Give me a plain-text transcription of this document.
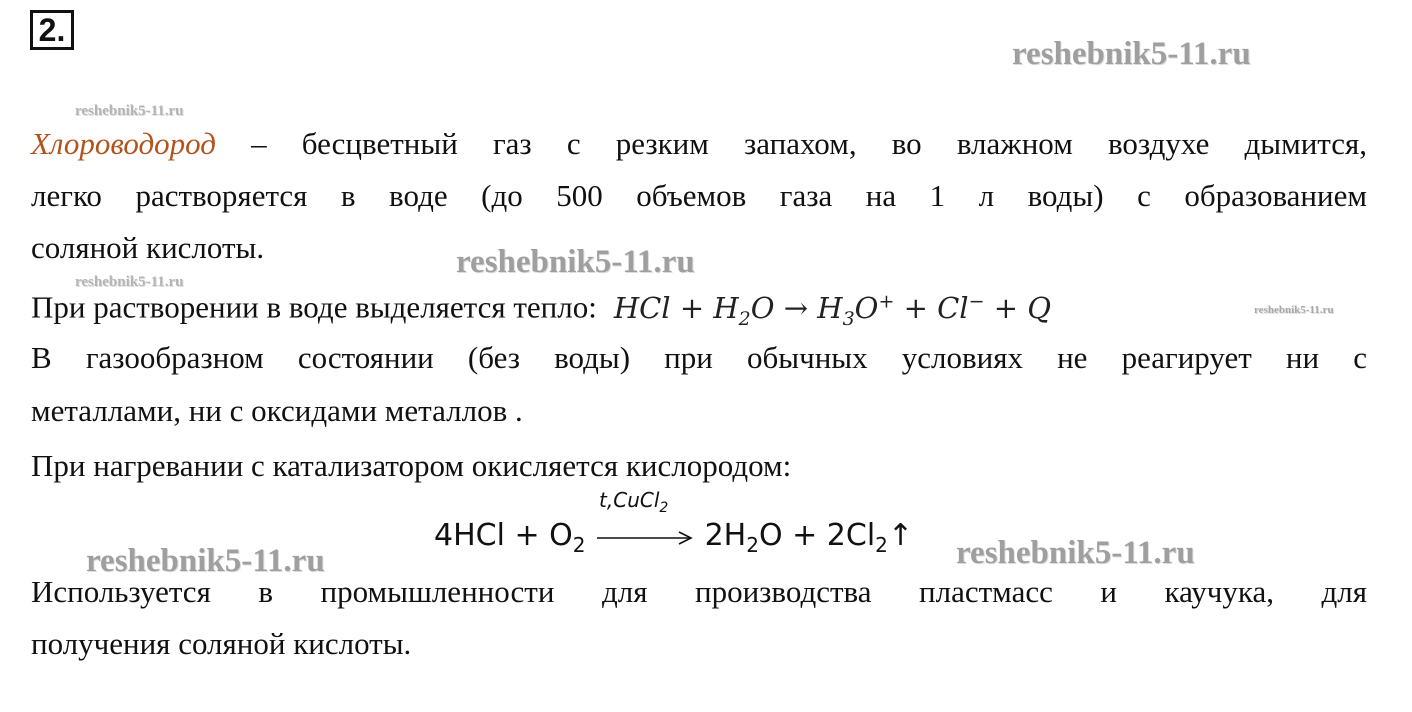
2.
reshebnik5-11.ru
reshebnik5-11.ru
reshebnik5-11.ru
Хлороводород – бесцветный газ с резким запахом, во влажном воздухе дымится,
легко растворяется в воде (до 500 объемов газа на 1 л воды) с образованием
соляной кислоты.	reshebnik5-11.ru
При растворении в воде выделяется тепло: HCl + $H_2O \to H_3O^+ + Cl^- + Q$	reshebnik5-11.ru
В газообразном состоянии (без воды) при обычных условиях не реагирует ни с
металлами, ни с оксидами металлов .
При нагревании с катализатором окисляется кислородом:
$4HCl + O_2$
t,CuCl$_2$
$2H_2O$ + $2Cl_2↑$
reshebnik5-11.ru	reshebnik5-11.ru
Используется в промышленности для производства пластмасс и каучука, для
получения соляной кислоты.
